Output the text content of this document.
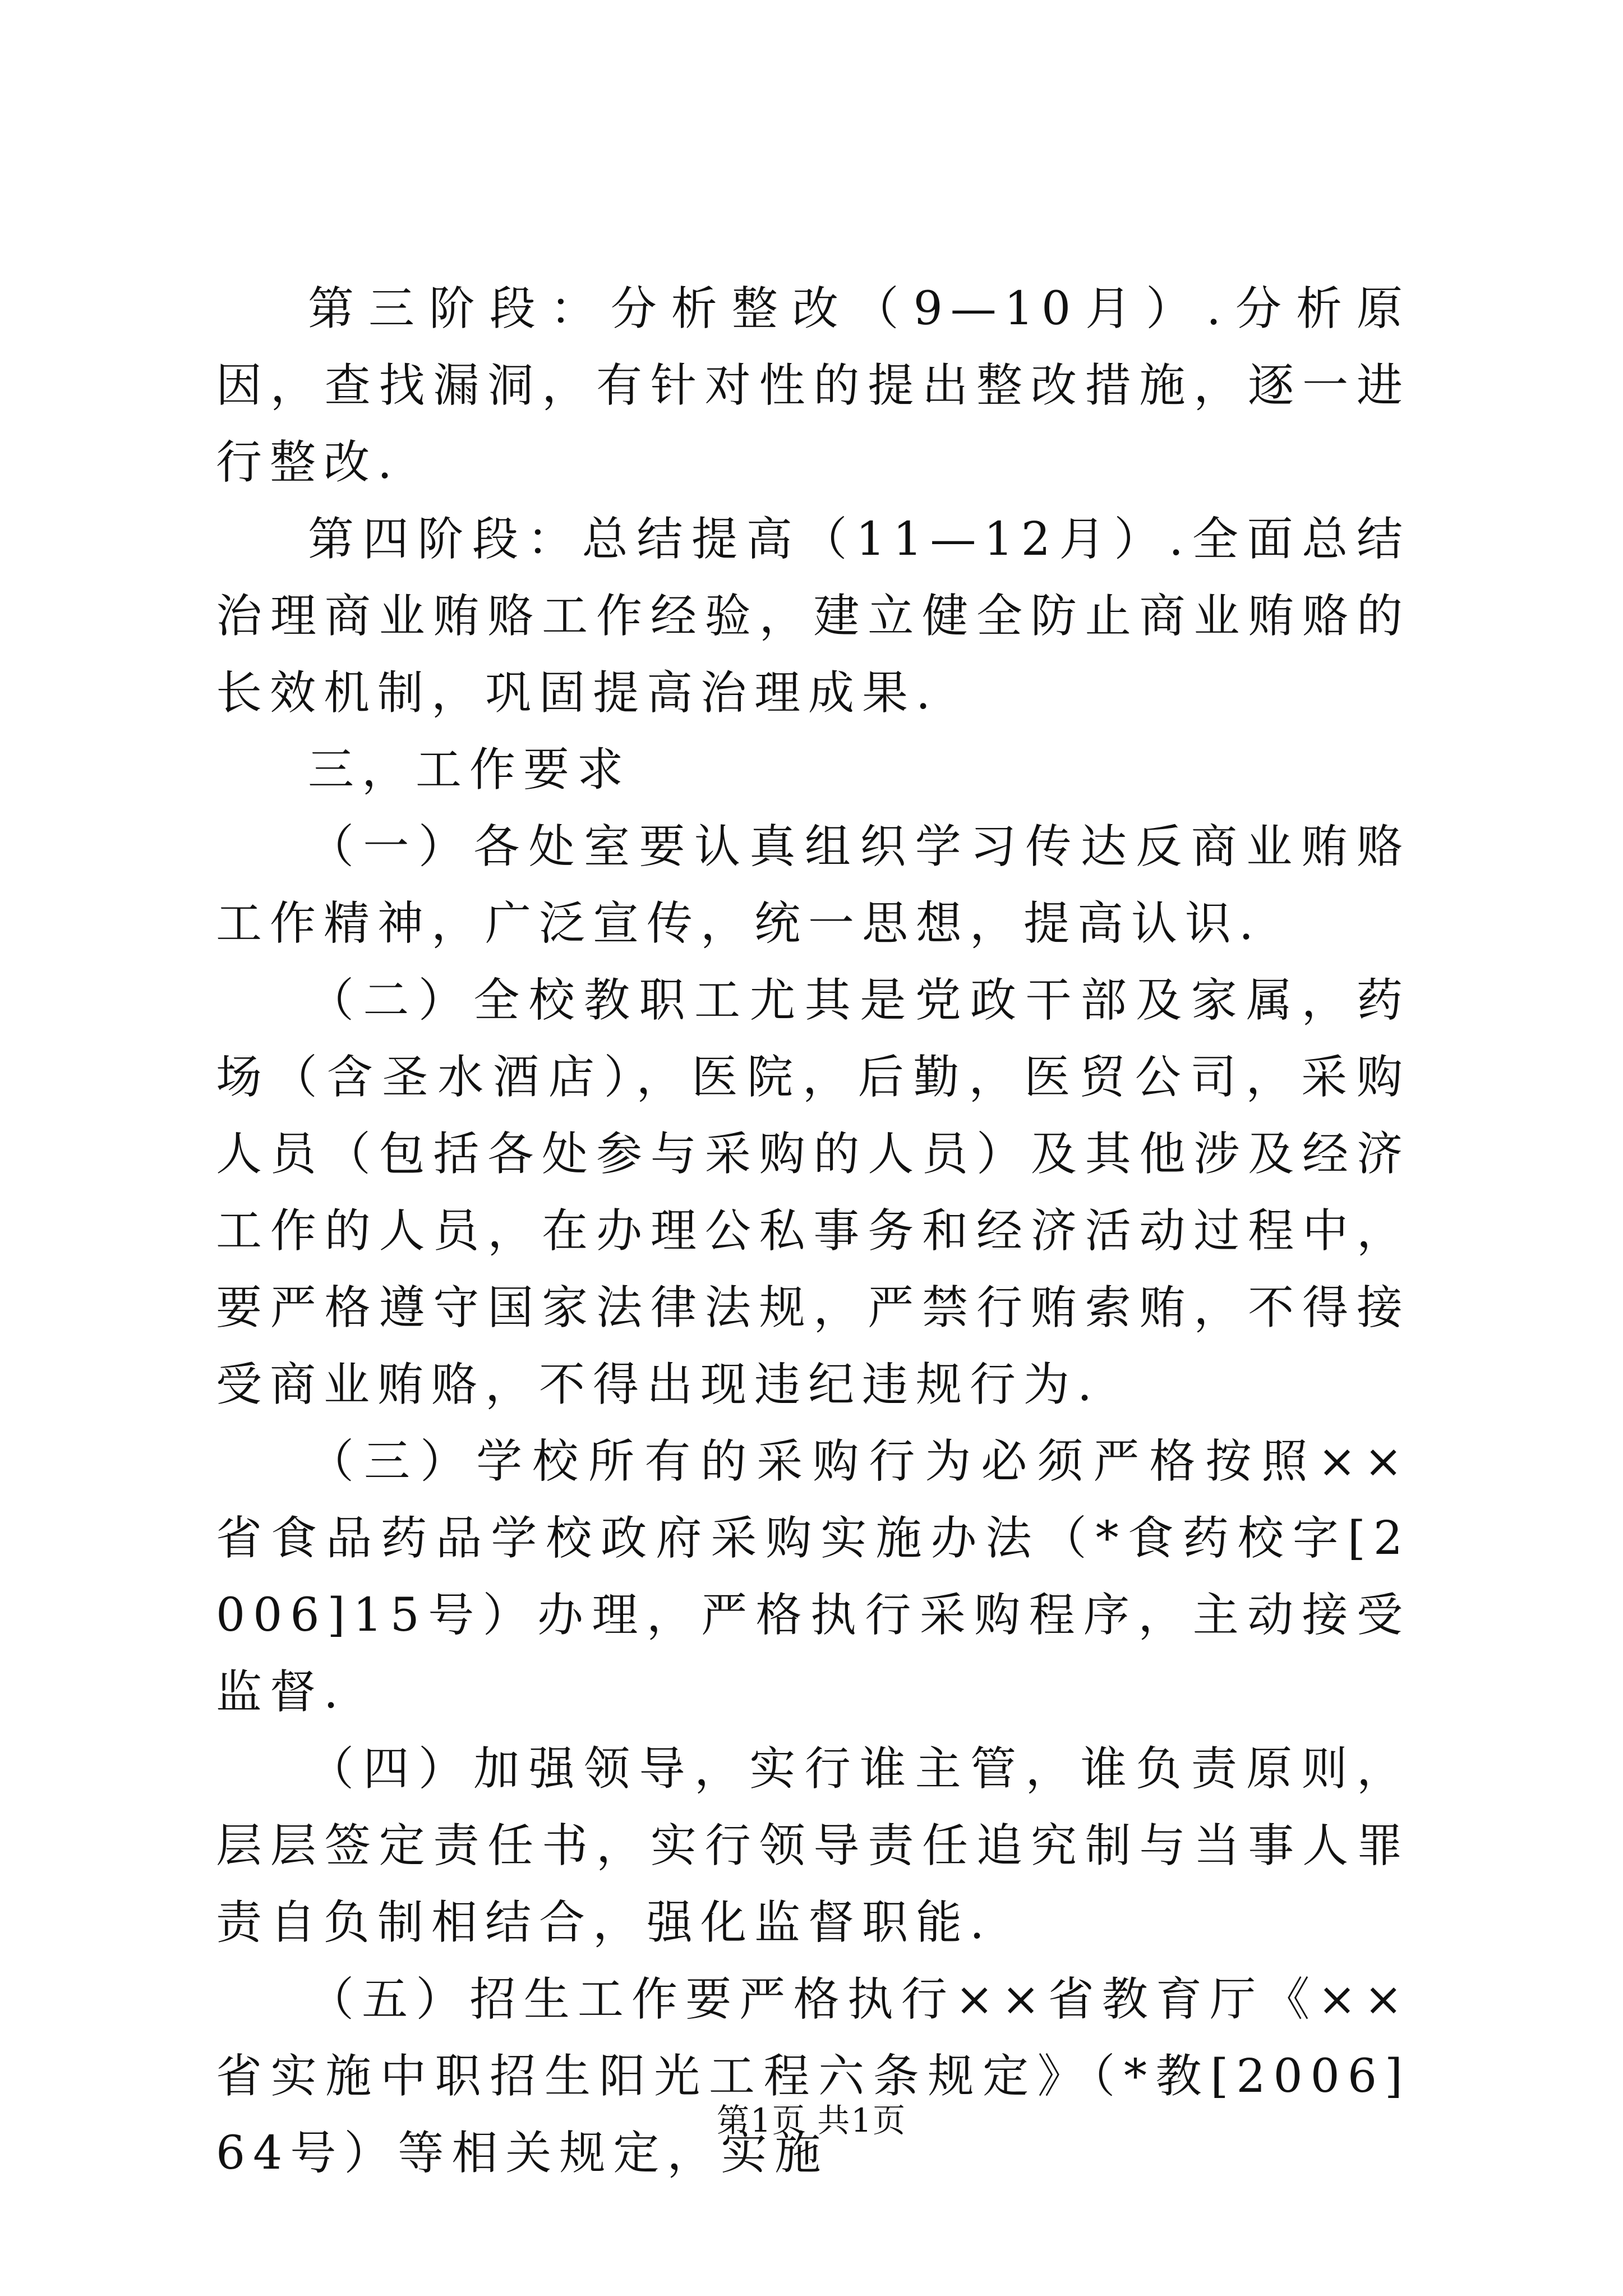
第三阶段：分析整改（9—10月）.分析原因，查找漏洞，有针对性的提出整改措施，逐一进行整改.

第四阶段：总结提高（11—12月）.全面总结治理商业贿赂工作经验，建立健全防止商业贿赂的长效机制，巩固提高治理成果.

三，工作要求

（一）各处室要认真组织学习传达反商业贿赂工作精神，广泛宣传，统一思想，提高认识.

（二）全校教职工尤其是党政干部及家属，药场（含圣水酒店），医院，后勤，医贸公司，采购人员（包括各处参与采购的人员）及其他涉及经济工作的人员，在办理公私事务和经济活动过程中，要严格遵守国家法律法规，严禁行贿索贿，不得接受商业贿赂，不得出现违纪违规行为.

（三）学校所有的采购行为必须严格按照××省食品药品学校政府采购实施办法（*食药校字[2006]15号）办理，严格执行采购程序，主动接受监督.

（四）加强领导，实行谁主管，谁负责原则，层层签定责任书，实行领导责任追究制与当事人罪责自负制相结合，强化监督职能.

（五）招生工作要严格执行××省教育厅《××省实施中职招生阳光工程六条规定》（*教[2006]64号）等相关规定，实施

第1页 共1页
